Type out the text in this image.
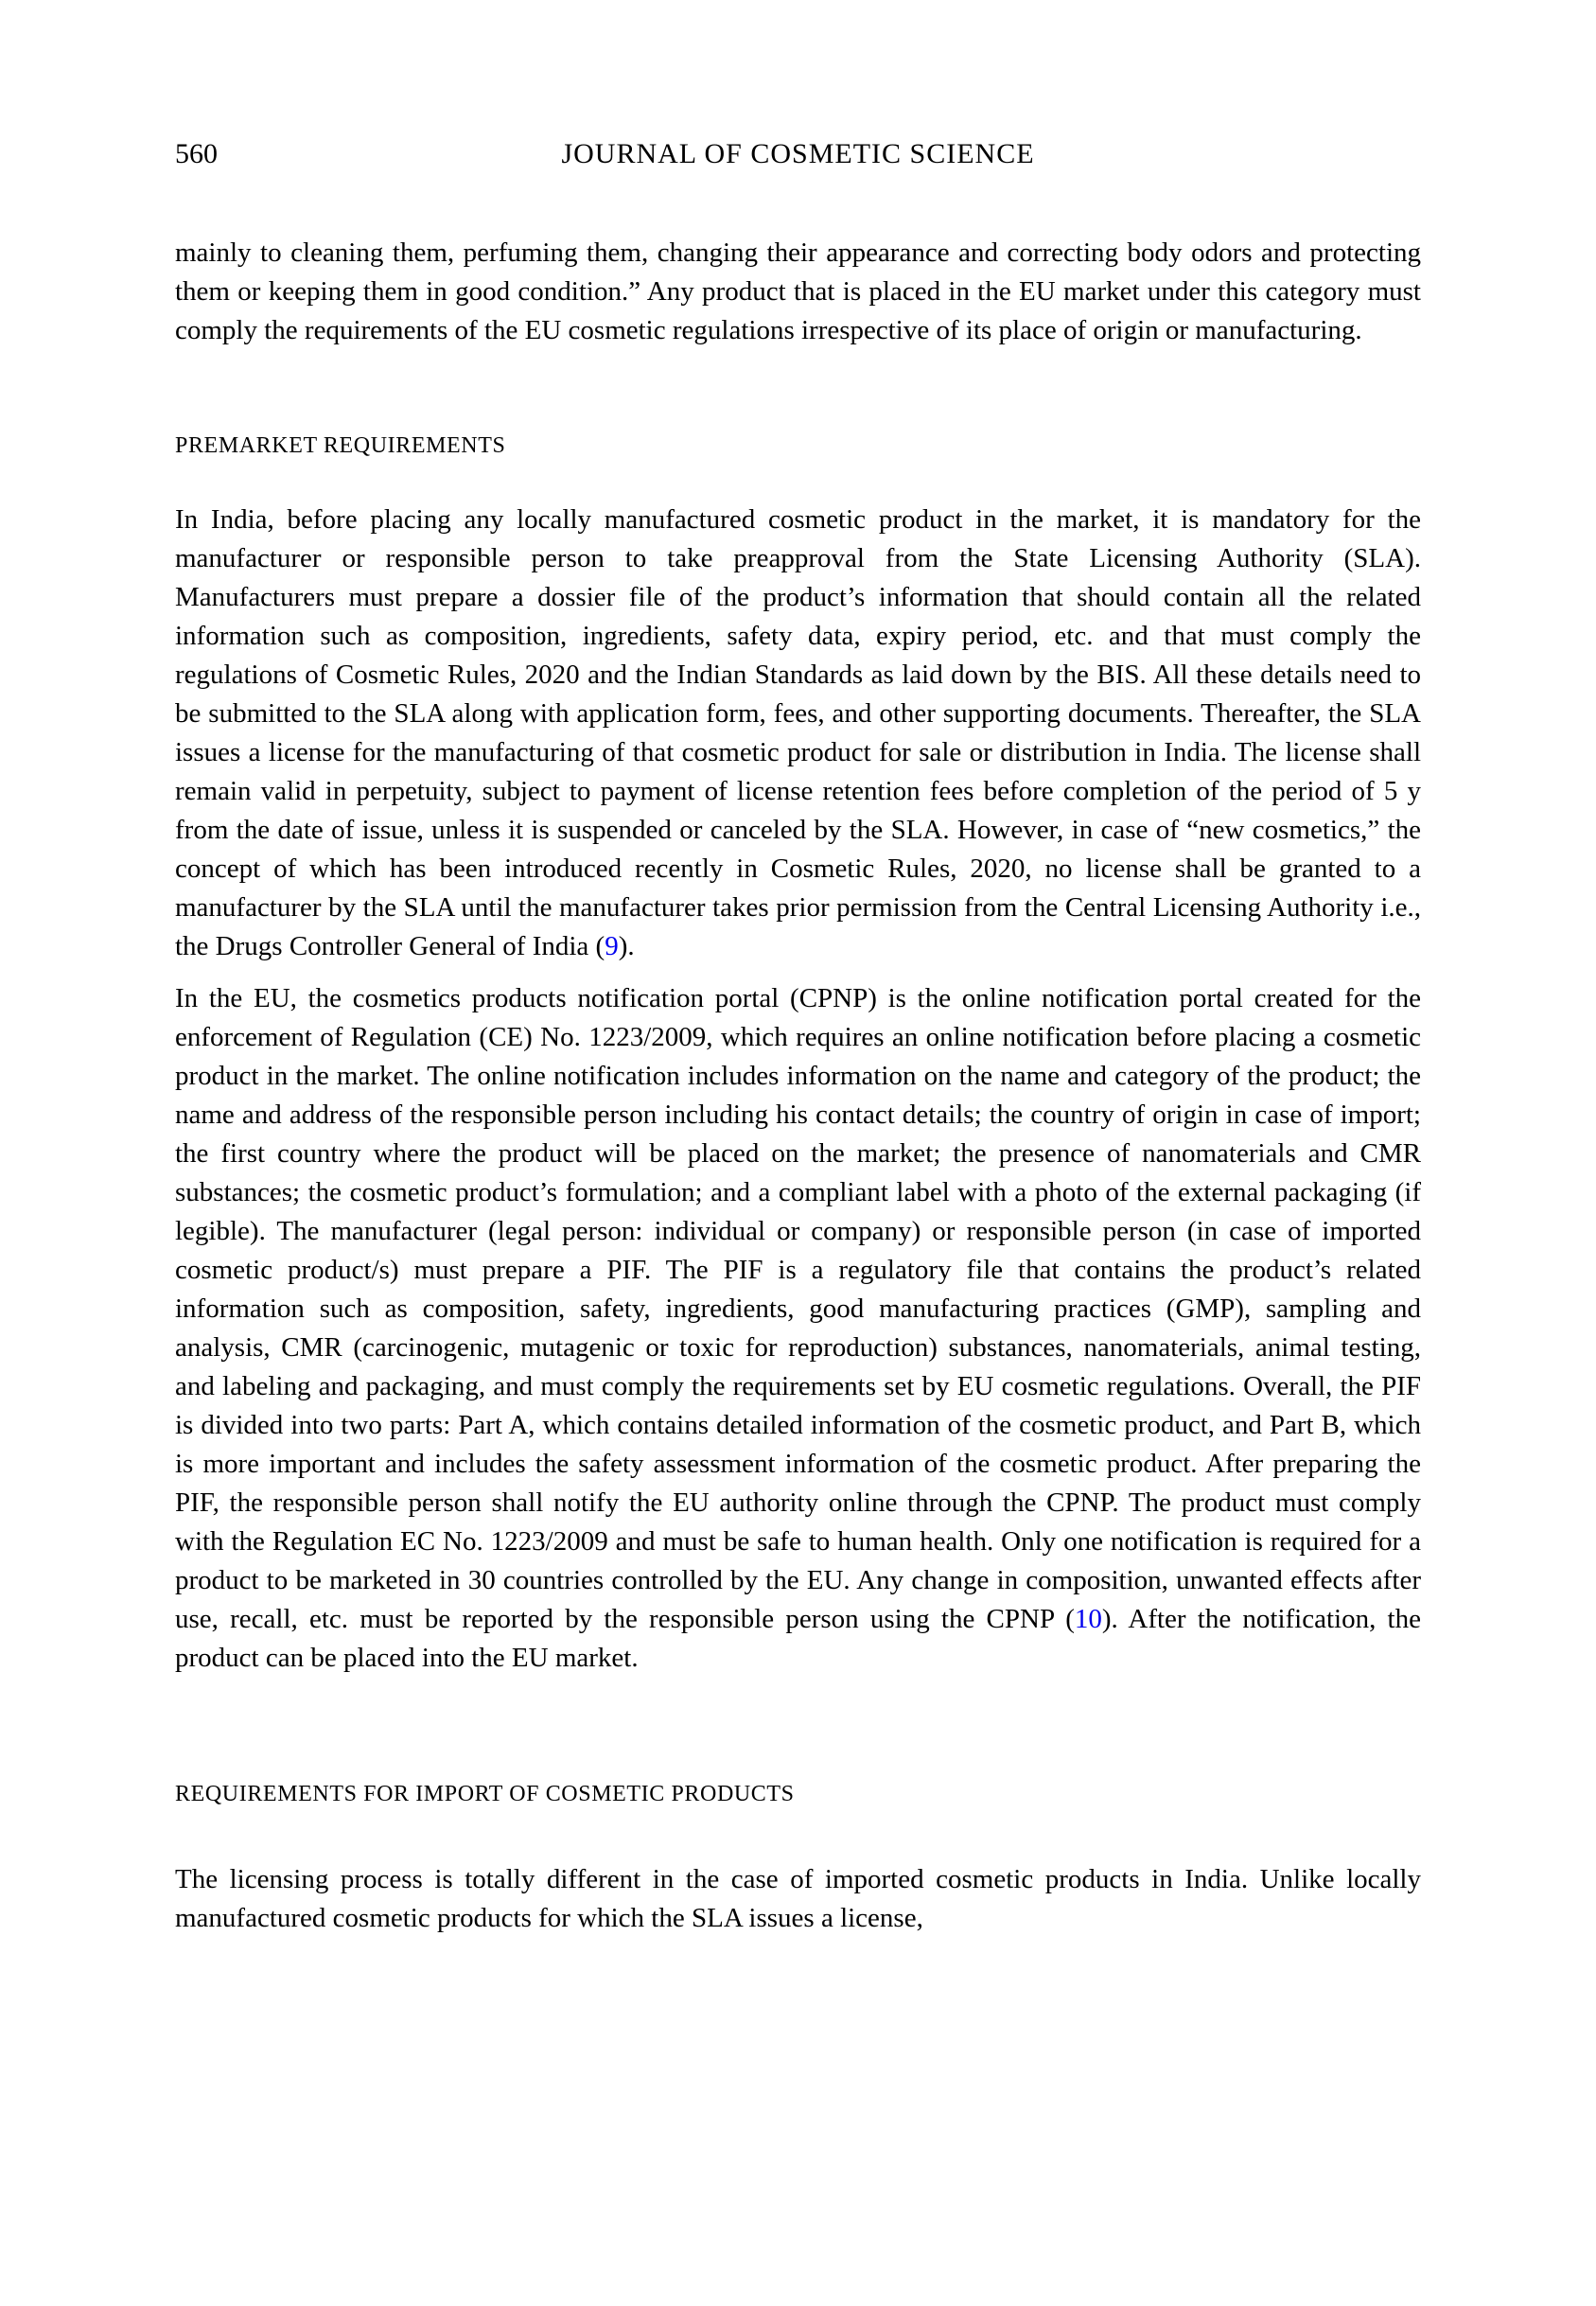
560	JOURNAL OF COSMETIC SCIENCE

mainly to cleaning them, perfuming them, changing their appearance and correcting body odors and protecting them or keeping them in good condition.” Any product that is placed in the EU market under this category must comply the requirements of the EU cosmetic regulations irrespective of its place of origin or manufacturing.

PREMARKET REQUIREMENTS

In India, before placing any locally manufactured cosmetic product in the market, it is mandatory for the manufacturer or responsible person to take preapproval from the State Licensing Authority (SLA). Manufacturers must prepare a dossier file of the product’s information that should contain all the related information such as composition, ingredients, safety data, expiry period, etc. and that must comply the regulations of Cosmetic Rules, 2020 and the Indian Standards as laid down by the BIS. All these details need to be submitted to the SLA along with application form, fees, and other supporting documents. Thereafter, the SLA issues a license for the manufacturing of that cosmetic product for sale or distribution in India. The license shall remain valid in perpetuity, subject to payment of license retention fees before completion of the period of 5 y from the date of issue, unless it is suspended or canceled by the SLA. However, in case of “new cosmetics,” the concept of which has been introduced recently in Cosmetic Rules, 2020, no license shall be granted to a manufacturer by the SLA until the manufacturer takes prior permission from the Central Licensing Authority i.e., the Drugs Controller General of India (9).

In the EU, the cosmetics products notification portal (CPNP) is the online notification portal created for the enforcement of Regulation (CE) No. 1223/2009, which requires an online notification before placing a cosmetic product in the market. The online notification includes information on the name and category of the product; the name and address of the responsible person including his contact details; the country of origin in case of import; the first country where the product will be placed on the market; the presence of nanomaterials and CMR substances; the cosmetic product’s formulation; and a compliant label with a photo of the external packaging (if legible). The manufacturer (legal person: individual or company) or responsible person (in case of imported cosmetic product/s) must prepare a PIF. The PIF is a regulatory file that contains the product’s related information such as composition, safety, ingredients, good manufacturing practices (GMP), sampling and analysis, CMR (carcinogenic, mutagenic or toxic for reproduction) substances, nanomaterials, animal testing, and labeling and packaging, and must comply the requirements set by EU cosmetic regulations. Overall, the PIF is divided into two parts: Part A, which contains detailed information of the cosmetic product, and Part B, which is more important and includes the safety assessment information of the cosmetic product. After preparing the PIF, the responsible person shall notify the EU authority online through the CPNP. The product must comply with the Regulation EC No. 1223/2009 and must be safe to human health. Only one notification is required for a product to be marketed in 30 countries controlled by the EU. Any change in composition, unwanted effects after use, recall, etc. must be reported by the responsible person using the CPNP (10). After the notification, the product can be placed into the EU market.

REQUIREMENTS FOR IMPORT OF COSMETIC PRODUCTS

The licensing process is totally different in the case of imported cosmetic products in India. Unlike locally manufactured cosmetic products for which the SLA issues a license,
